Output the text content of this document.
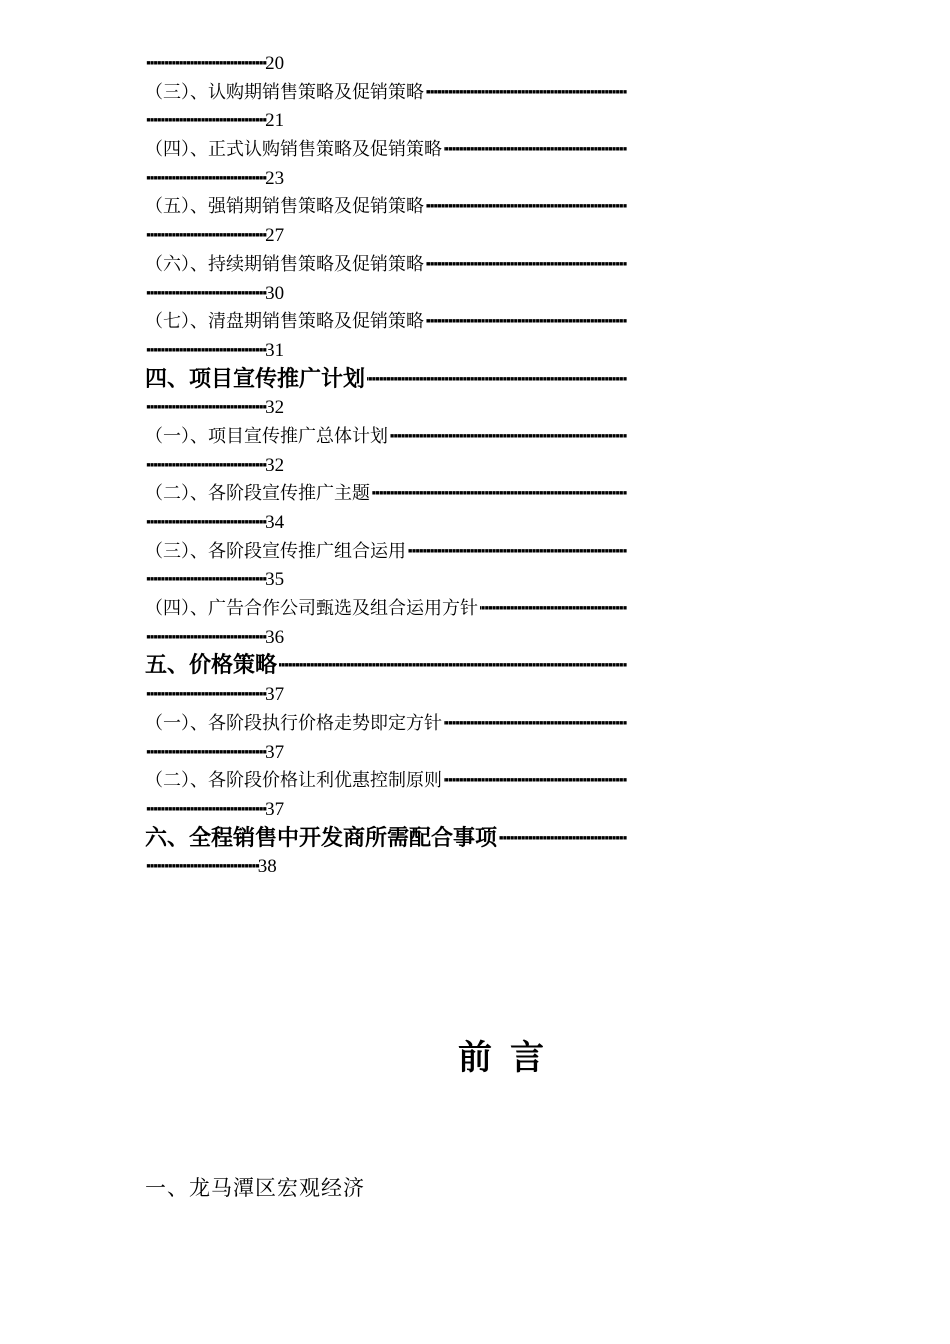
·································20
·····
（三）、认购期销售策略及促销策略
·································21
·····
（四）、正式认购销售策略及促销策略
·································23
·····
（五）、强销期销售策略及促销策略
·································27
·····
（六）、持续期销售策略及促销策略
·································30
·····
（七）、清盘期销售策略及促销策略
·································31
·····
四、项目宣传推广计划
·································32
·····
（一）、项目宣传推广总体计划
·································32
·····
（二）、各阶段宣传推广主题
·································34
·····
（三）、各阶段宣传推广组合运用
·································35
·····
（四）、广告合作公司甄选及组合运用方针
·································36
·····
五、价格策略
·································37
·····
（一）、各阶段执行价格走势即定方针
·································37
·····
（二）、各阶段价格让利优惠控制原则
·································37
·····
六、全程销售中开发商所需配合事项
·······························38
前言
一、龙马潭区宏观经济
